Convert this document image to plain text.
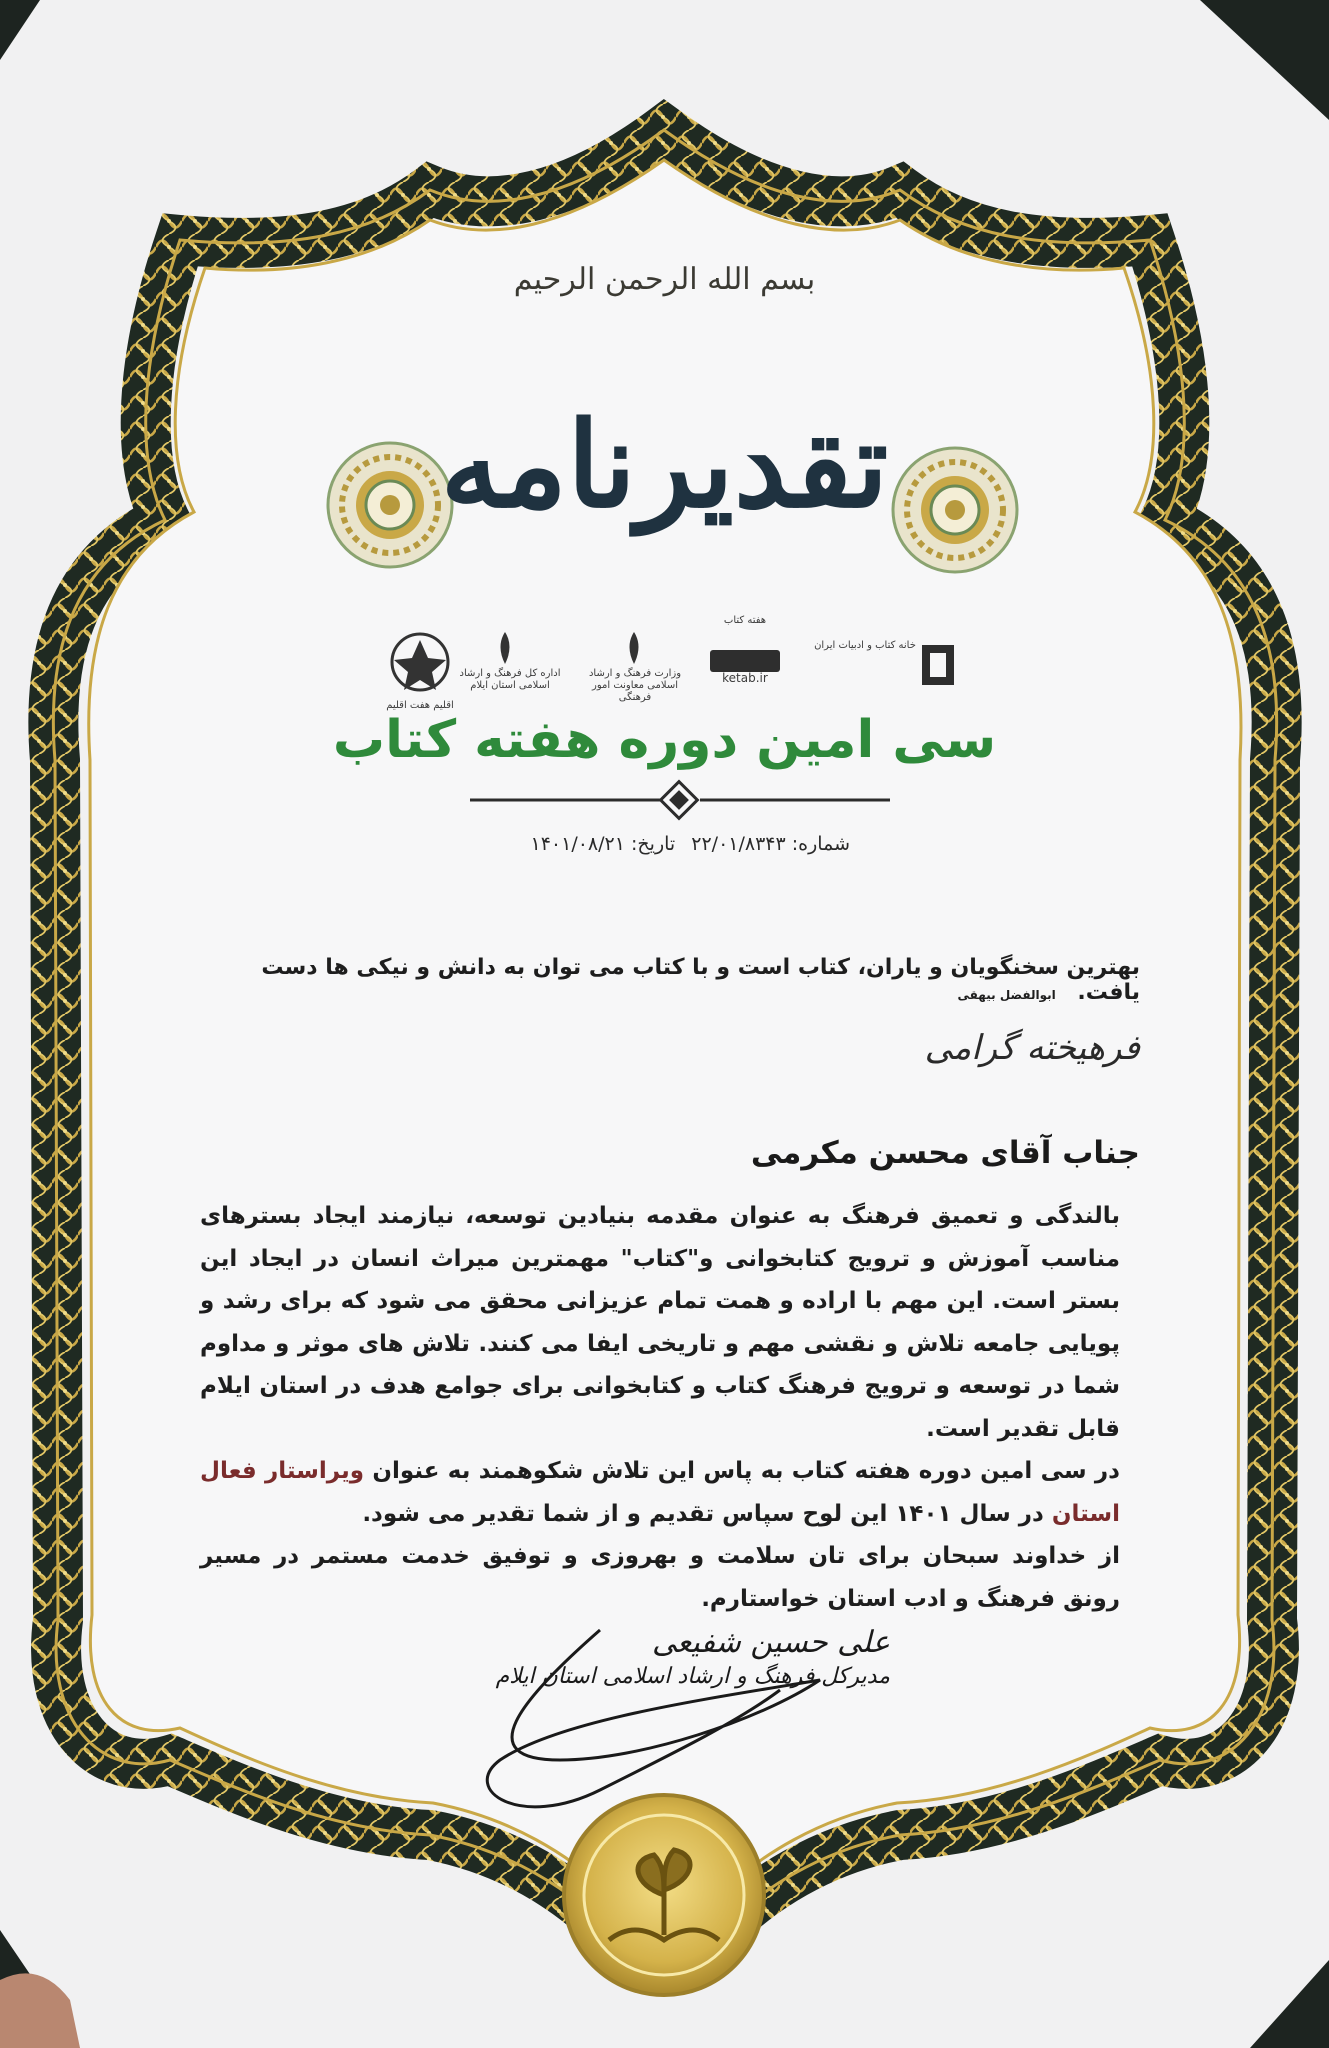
بسم الله الرحمن الرحیم
تقدیرنامه
اقلیم هفت اقلیم
اداره کل فرهنگ و ارشاد اسلامی استان ایلام
وزارت فرهنگ و ارشاد اسلامی معاونت امور فرهنگی
هفته کتاب
ketab.ir
خانه کتاب و ادبیات ایران
سی امین دوره هفته کتاب
شماره: ۲۲/۰۱/۸۳۴۳ تاریخ: ۱۴۰۱/۰۸/۲۱
بهترین سخنگویان و یاران، کتاب است و با کتاب می توان به دانش و نیکی ها دست یافت. ابوالفضل بیهقی
فرهیخته گرامی
جناب آقای محسن مکرمی

بالندگی و تعمیق فرهنگ به عنوان مقدمه بنیادین توسعه، نیازمند ایجاد بسترهای مناسب آموزش و ترویج کتابخوانی و"کتاب" مهمترین میراث انسان در ایجاد این بستر است. این مهم با اراده و همت تمام عزیزانی محقق می شود که برای رشد و پویایی جامعه تلاش و نقشی مهم و تاریخی ایفا می کنند. تلاش های موثر و مداوم شما در توسعه و ترویج فرهنگ کتاب و کتابخوانی برای جوامع هدف در استان ایلام قابل تقدیر است.

در سی امین دوره هفته کتاب به پاس این تلاش شکوهمند به عنوان ویراستار فعال استان در سال ۱۴۰۱ این لوح سپاس تقدیم و از شما تقدیر می شود.

از خداوند سبحان برای تان سلامت و بهروزی و توفیق خدمت مستمر در مسیر رونق فرهنگ و ادب استان خواستارم.

علی حسین شفیعی
مدیرکل فرهنگ و ارشاد اسلامی استان ایلام
